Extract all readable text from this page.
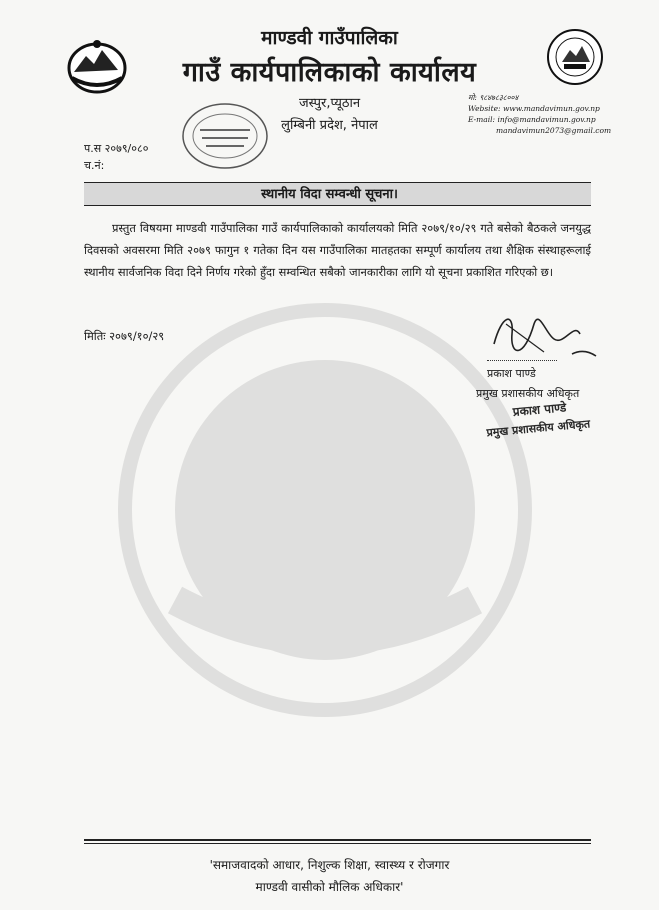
माण्डवी गाउँपालिका
गाउँ कार्यपालिकाको कार्यालय
जस्पुर,प्यूठान
लुम्बिनी प्रदेश, नेपाल
मो: ९८४७८३८००४
Website: www.mandavimun.gov.np
E-mail: info@mandavimun.gov.np
mandavimun2073@gmail.com
प.स २०७९/०८०
च.नं:
स्थानीय विदा सम्वन्धी सूचना।
प्रस्तुत विषयमा माण्डवी गाउँपालिका गाउँ कार्यपालिकाको कार्यालयको मिति २०७९/१०/२९ गते बसेको बैठकले जनयुद्ध दिवसको अवसरमा मिति २०७९ फागुन १ गतेका दिन यस गाउँपालिका मातहतका सम्पूर्ण कार्यालय तथा शैक्षिक संस्थाहरूलाई स्थानीय सार्वजनिक विदा दिने निर्णय गरेको हुँदा सम्वन्धित सबैको जानकारीका लागि यो सूचना प्रकाशित गरिएको छ।
मितिः २०७९/१०/२९
प्रकाश पाण्डे
प्रमुख प्रशासकीय अधिकृत
प्रकाश पाण्डे
प्रमुख प्रशासकीय अधिकृत
'समाजवादको आधार, निशुल्क शिक्षा, स्वास्थ्य र रोजगार
माण्डवी वासीको मौलिक अधिकार'
